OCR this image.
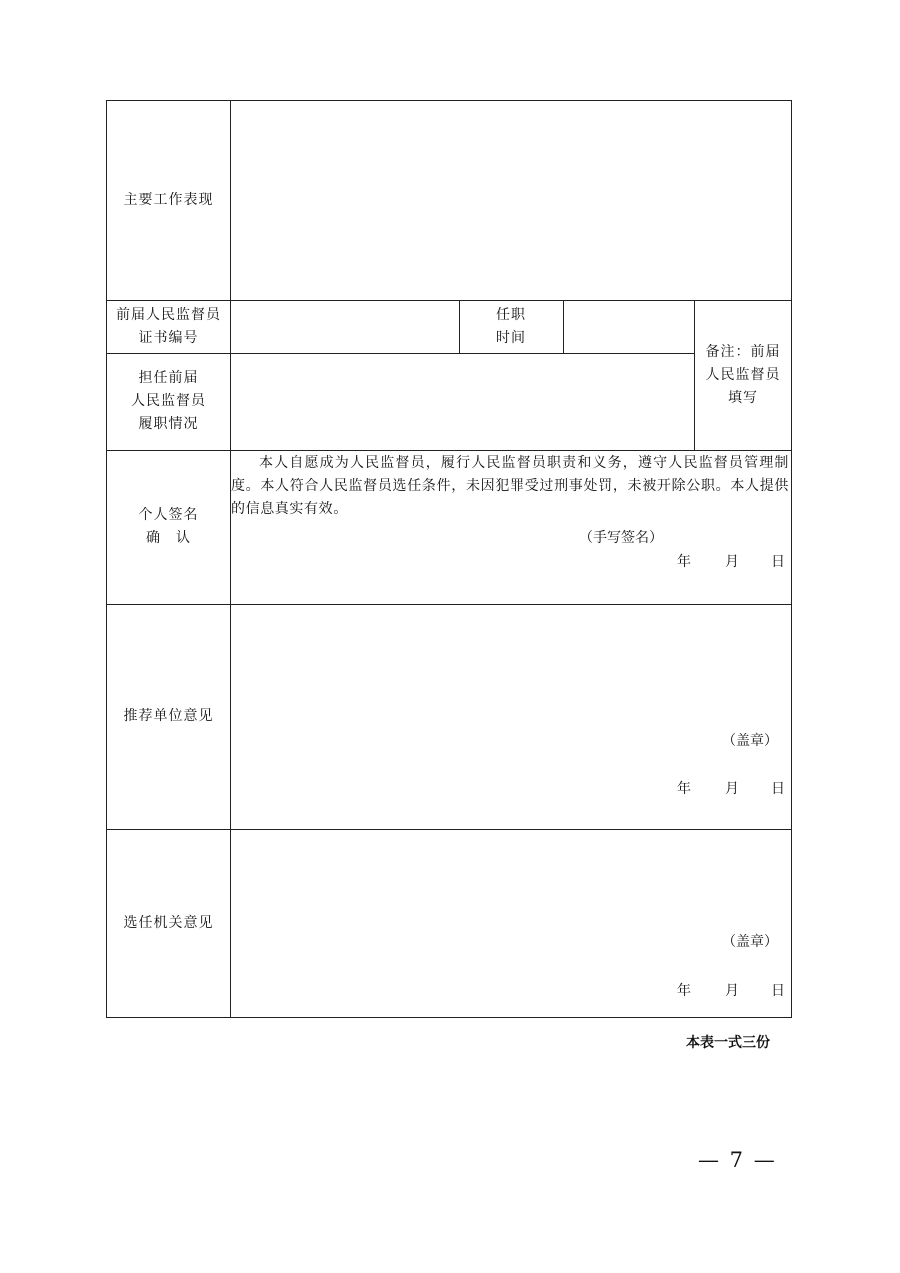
主要工作表现
前届人民监督员
证书编号
任职
时间
担任前届
人民监督员
履职情况
备注：前届
人民监督员
填写
个人签名
确　认
推荐单位意见
选任机关意见

本人自愿成为人民监督员，履行人民监督员职责和义务，遵守人民监督员管理制度。本人符合人民监督员选任条件，未因犯罪受过刑事处罚，未被开除公职。本人提供的信息真实有效。

（手写签名）
年 月 日
（盖章）
年 月 日
（盖章）
年 月 日
本表一式三份
— 7 —
